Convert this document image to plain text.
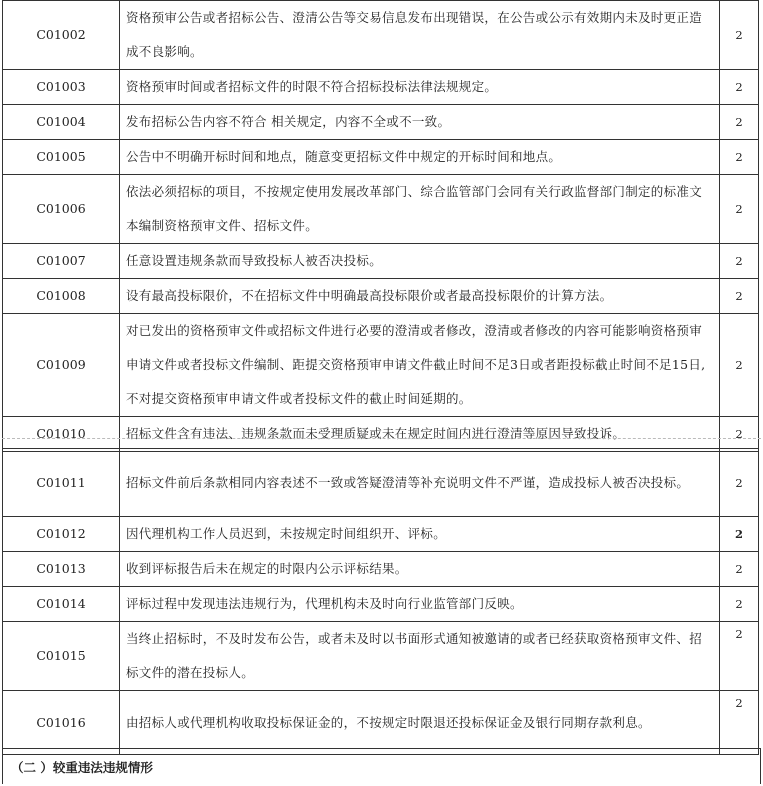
C01002	资格预审公告或者招标公告、澄清公告等交易信息发布出现错误，在公告或公示有效期内未及时更正造成不良影响。	2
C01003	资格预审时间或者招标文件的时限不符合招标投标法律法规规定。	2
C01004	发布招标公告内容不符合 相关规定，内容不全或不一致。	2
C01005	公告中不明确开标时间和地点，随意变更招标文件中规定的开标时间和地点。	2
C01006	依法必须招标的项目，不按规定使用发展改革部门、综合监管部门会同有关行政监督部门制定的标准文本编制资格预审文件、招标文件。	2
C01007	任意设置违规条款而导致投标人被否决投标。	2
C01008	设有最高投标限价，不在招标文件中明确最高投标限价或者最高投标限价的计算方法。	2
C01009	对已发出的资格预审文件或招标文件进行必要的澄清或者修改，澄清或者修改的内容可能影响资格预审申请文件或者投标文件编制、距提交资格预审申请文件截止时间不足3日或者距投标截止时间不足15日,不对提交资格预审申请文件或者投标文件的截止时间延期的。	2
C01010	招标文件含有违法、违规条款而未受理质疑或未在规定时间内进行澄清等原因导致投诉。	2
C01011	招标文件前后条款相同内容表述不一致或答疑澄清等补充说明文件不严谨，造成投标人被否决投标。	2
C01012	因代理机构工作人员迟到，未按规定时间组织开、评标。	2
C01013	收到评标报告后未在规定的时限内公示评标结果。	2
C01014	评标过程中发现违法违规行为，代理机构未及时向行业监管部门反映。	2
C01015	当终止招标时，不及时发布公告，或者未及时以书面形式通知被邀请的或者已经获取资格预审文件、招标文件的潜在投标人。	2
C01016	由招标人或代理机构收取投标保证金的，不按规定时限退还投标保证金及银行同期存款利息。	2
（二 ）较重违法违规情形
